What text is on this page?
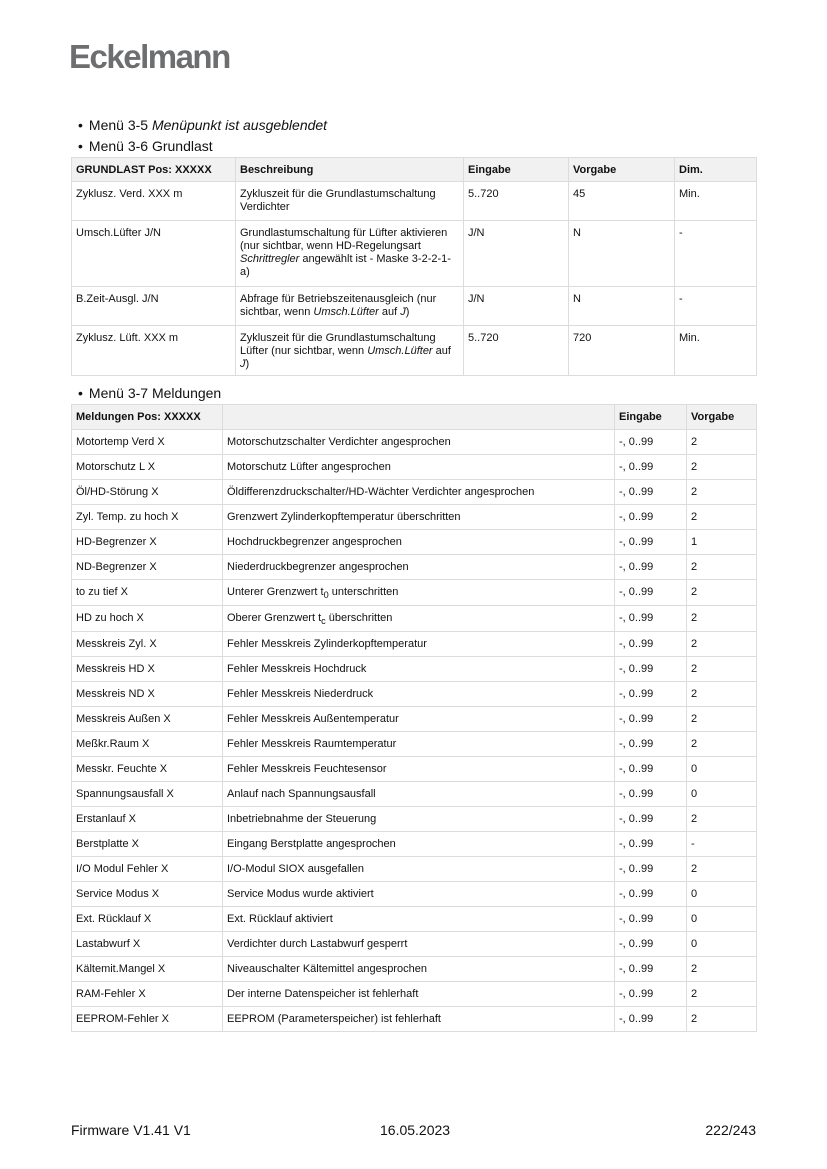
Eckelmann
• Menü 3-5 Menüpunkt ist ausgeblendet
• Menü 3-6 Grundlast
GRUNDLAST Pos: XXXXX	Beschreibung	Eingabe	Vorgabe	Dim.
Zyklusz. Verd. XXX m	Zykluszeit für die Grundlastumschaltung Verdichter	5..720	45	Min.
Umsch.Lüfter J/N	Grundlastumschaltung für Lüfter aktivieren (nur sichtbar, wenn HD-Regelungsart Schrittregler angewählt ist - Maske 3-2-2-1-a)	J/N	N	-
B.Zeit-Ausgl. J/N	Abfrage für Betriebszeitenausgleich (nur sichtbar, wenn Umsch.Lüfter auf J)	J/N	N	-
Zyklusz. Lüft. XXX m	Zykluszeit für die Grundlastumschaltung Lüfter (nur sichtbar, wenn Umsch.Lüfter auf J)	5..720	720	Min.
• Menü 3-7 Meldungen
Meldungen Pos: XXXXX		Eingabe	Vorgabe
Motortemp Verd X	Motorschutzschalter Verdichter angesprochen	-, 0..99	2
Motorschutz L X	Motorschutz Lüfter angesprochen	-, 0..99	2
Öl/HD-Störung X	Öldifferenzdruckschalter/HD-Wächter Verdichter angesprochen	-, 0..99	2
Zyl. Temp. zu hoch X	Grenzwert Zylinderkopftemperatur überschritten	-, 0..99	2
HD-Begrenzer X	Hochdruckbegrenzer angesprochen	-, 0..99	1
ND-Begrenzer X	Niederdruckbegrenzer angesprochen	-, 0..99	2
to zu tief X	Unterer Grenzwert $t_0$ unterschritten	-, 0..99	2
HD zu hoch X	Oberer Grenzwert $t_c$ überschritten	-, 0..99	2
Messkreis Zyl. X	Fehler Messkreis Zylinderkopftemperatur	-, 0..99	2
Messkreis HD X	Fehler Messkreis Hochdruck	-, 0..99	2
Messkreis ND X	Fehler Messkreis Niederdruck	-, 0..99	2
Messkreis Außen X	Fehler Messkreis Außentemperatur	-, 0..99	2
Meßkr.Raum X	Fehler Messkreis Raumtemperatur	-, 0..99	2
Messkr. Feuchte X	Fehler Messkreis Feuchtesensor	-, 0..99	0
Spannungsausfall X	Anlauf nach Spannungsausfall	-, 0..99	0
Erstanlauf X	Inbetriebnahme der Steuerung	-, 0..99	2
Berstplatte X	Eingang Berstplatte angesprochen	-, 0..99	-
I/O Modul Fehler X	I/O-Modul SIOX ausgefallen	-, 0..99	2
Service Modus X	Service Modus wurde aktiviert	-, 0..99	0
Ext. Rücklauf X	Ext. Rücklauf aktiviert	-, 0..99	0
Lastabwurf X	Verdichter durch Lastabwurf gesperrt	-, 0..99	0
Kältemit.Mangel X	Niveauschalter Kältemittel angesprochen	-, 0..99	2
RAM-Fehler X	Der interne Datenspeicher ist fehlerhaft	-, 0..99	2
EEPROM-Fehler X	EEPROM (Parameterspeicher) ist fehlerhaft	-, 0..99	2
Firmware V1.41 V1	16.05.2023	222/243
